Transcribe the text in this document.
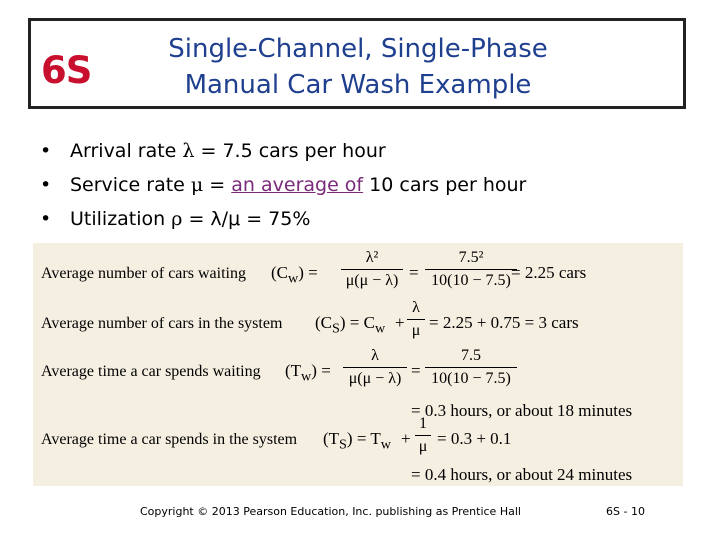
6S	Single-Channel, Single-Phase
Manual Car Wash Example
• Arrival rate λ = 7.5 cars per hour
• Service rate μ = an average of 10 cars per hour
• Utilization ρ = λ/μ = 75%
Average number of cars waiting $(C_w) = \frac{\text{λ²}}{\mu(\mu - \lambda)} = \frac{\text{7.5²}}{10(10 - 7.5)}$
= 2.25 cars
Average number of cars in the system $(C_S) = C_w + \frac{\lambda}{\mu} = 2.25 + 0.75 = 3$ cars
Average time a car spends waiting $(T_w) = \frac{\lambda}{\mu(\mu - \lambda)} = \frac{7.5}{10(10 - 7.5)}$
= 0.3 hours, or about 18 minutes
Average time a car spends in the system $(T_S) = T_w + \frac{1}{\mu} = 0.3 + 0.1$
= 0.4 hours, or about 24 minutes
Copyright © 2013 Pearson Education, Inc. publishing as Prentice Hall	6S - 10
